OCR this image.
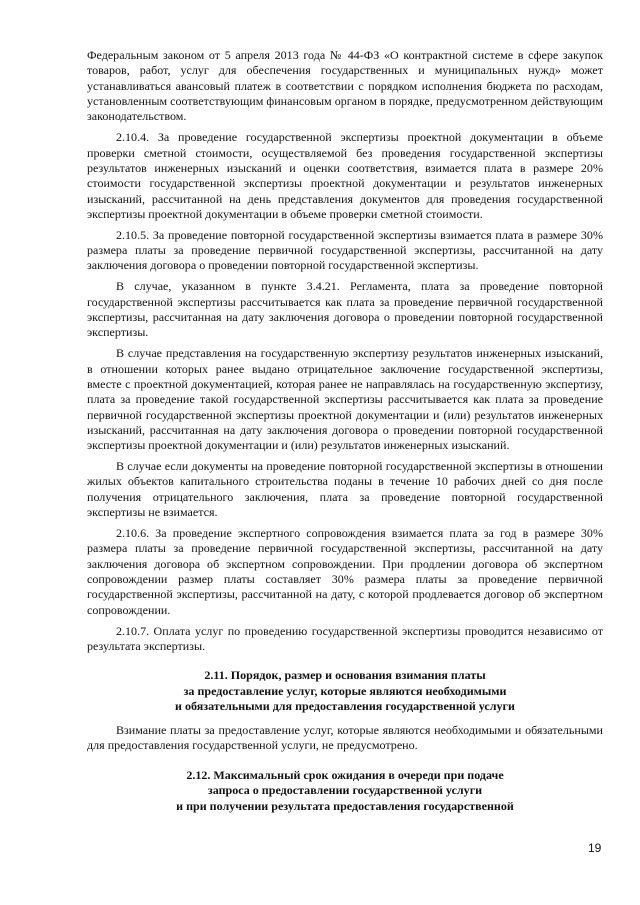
Федеральным законом от 5 апреля 2013 года № 44-ФЗ «О контрактной системе в сфере закупок товаров, работ, услуг для обеспечения государственных и муниципальных нужд» может устанавливаться авансовый платеж в соответствии с порядком исполнения бюджета по расходам, установленным соответствующим финансовым органом в порядке, предусмотренном действующим законодательством.

2.10.4. За проведение государственной экспертизы проектной документации в объеме проверки сметной стоимости, осуществляемой без проведения государственной экспертизы результатов инженерных изысканий и оценки соответствия, взимается плата в размере 20% стоимости государственной экспертизы проектной документации и результатов инженерных изысканий, рассчитанной на день представления документов для проведения государственной экспертизы проектной документации в объеме проверки сметной стоимости.

2.10.5. За проведение повторной государственной экспертизы взимается плата в размере 30% размера платы за проведение первичной государственной экспертизы, рассчитанной на дату заключения договора о проведении повторной государственной экспертизы.

В случае, указанном в пункте 3.4.21. Регламента, плата за проведение повторной государственной экспертизы рассчитывается как плата за проведение первичной государственной экспертизы, рассчитанная на дату заключения договора о проведении повторной государственной экспертизы.

В случае представления на государственную экспертизу результатов инженерных изысканий, в отношении которых ранее выдано отрицательное заключение государственной экспертизы, вместе с проектной документацией, которая ранее не направлялась на государственную экспертизу, плата за проведение такой государственной экспертизы рассчитывается как плата за проведение первичной государственной экспертизы проектной документации и (или) результатов инженерных изысканий, рассчитанная на дату заключения договора о проведении повторной государственной экспертизы проектной документации и (или) результатов инженерных изысканий.

В случае если документы на проведение повторной государственной экспертизы в отношении жилых объектов капитального строительства поданы в течение 10 рабочих дней со дня после получения отрицательного заключения, плата за проведение повторной государственной экспертизы не взимается.

2.10.6. За проведение экспертного сопровождения взимается плата за год в размере 30% размера платы за проведение первичной государственной экспертизы, рассчитанной на дату заключения договора об экспертном сопровождении. При продлении договора об экспертном сопровождении размер платы составляет 30% размера платы за проведение первичной государственной экспертизы, рассчитанной на дату, с которой продлевается договор об экспертном сопровождении.

2.10.7. Оплата услуг по проведению государственной экспертизы проводится независимо от результата экспертизы.

2.11. Порядок, размер и основания взимания платы
за предоставление услуг, которые являются необходимыми
и обязательными для предоставления государственной услуги

Взимание платы за предоставление услуг, которые являются необходимыми и обязательными для предоставления государственной услуги, не предусмотрено.

2.12. Максимальный срок ожидания в очереди при подаче
запроса о предоставлении государственной услуги
и при получении результата предоставления государственной
19
